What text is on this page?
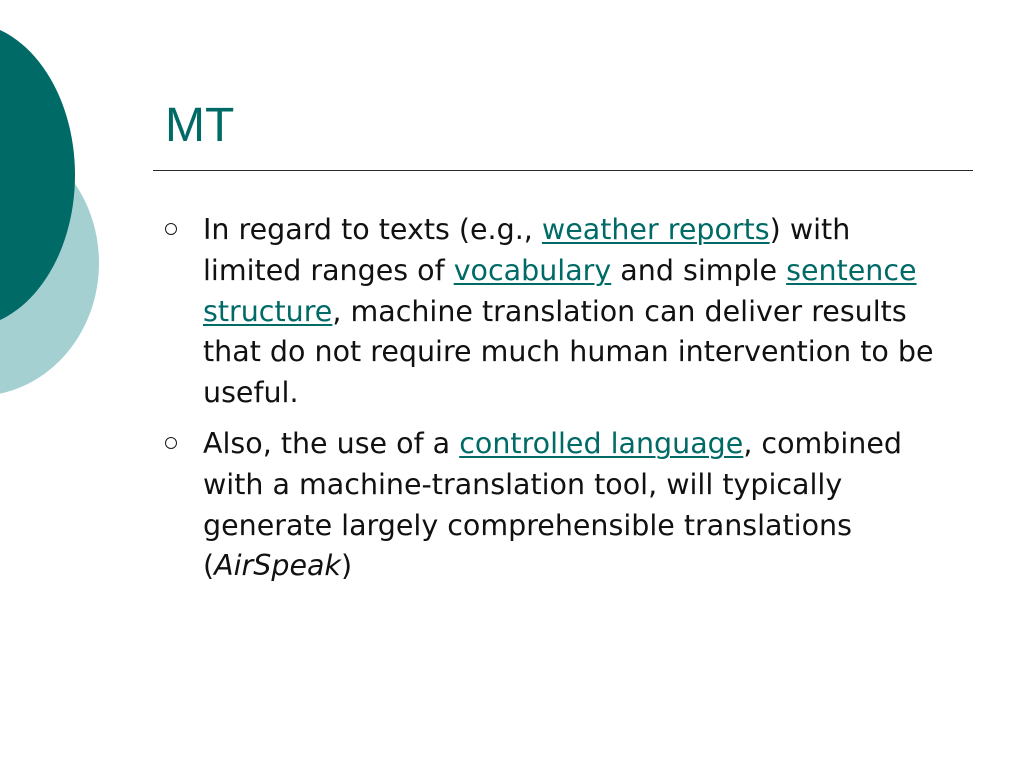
MT

In regard to texts (e.g., weather reports) with limited ranges of vocabulary and simple sentence structure, machine translation can deliver results that do not require much human intervention to be useful.

Also, the use of a controlled language, combined with a machine-translation tool, will typically generate largely comprehensible translations (AirSpeak)
